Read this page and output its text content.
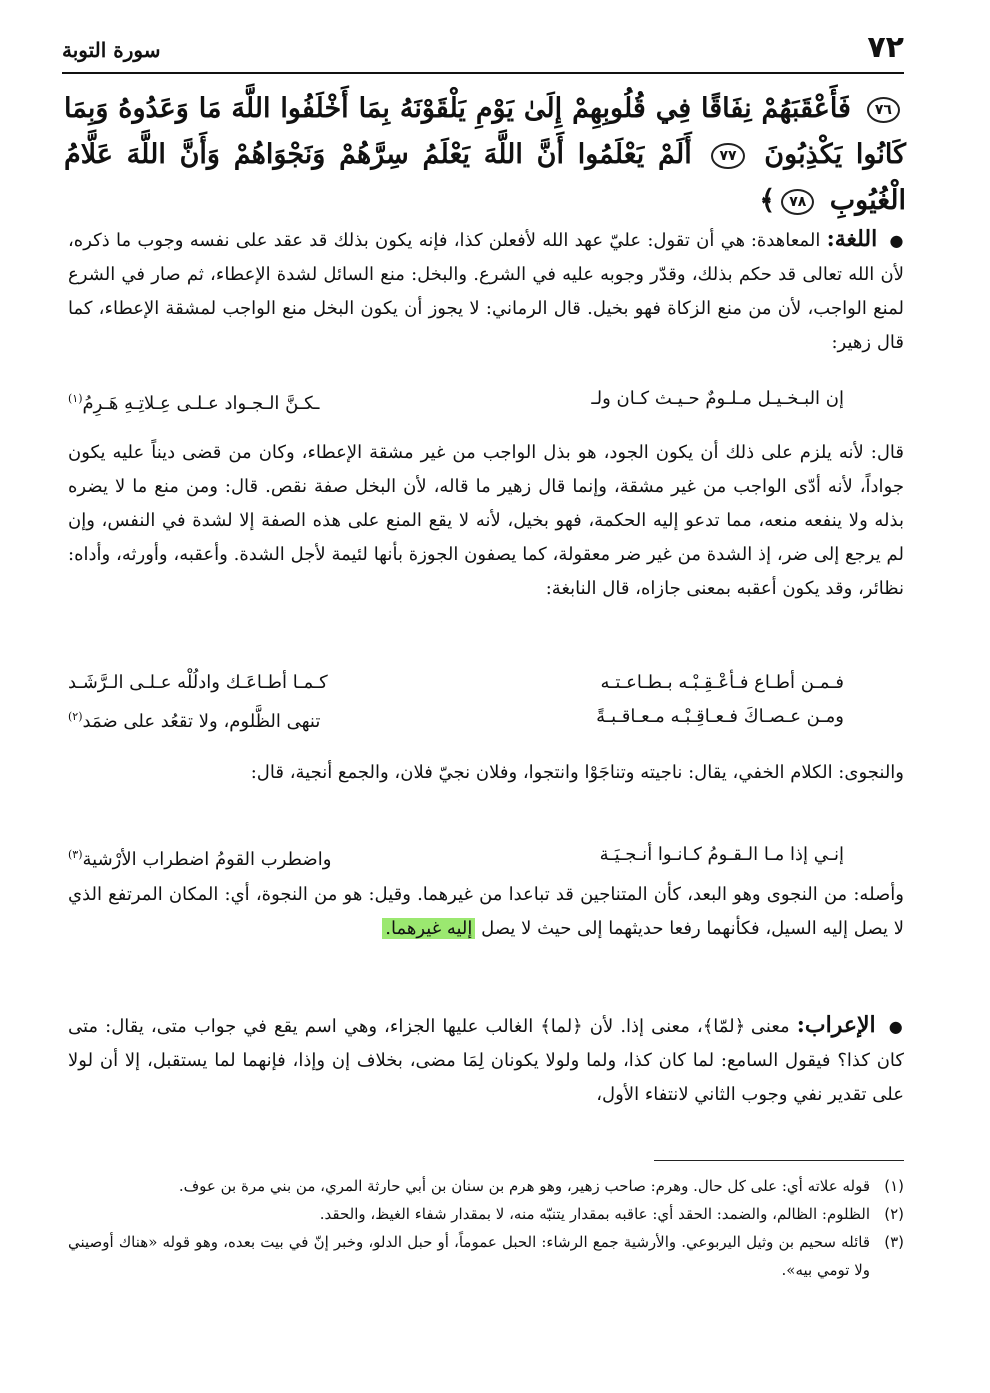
٧٢
سورة التوبة
٧٦ فَأَعْقَبَهُمْ نِفَاقًا فِي قُلُوبِهِمْ إِلَىٰ يَوْمِ يَلْقَوْنَهُ بِمَا أَخْلَفُوا اللَّهَ مَا وَعَدُوهُ وَبِمَا كَانُوا يَكْذِبُونَ ٧٧ أَلَمْ يَعْلَمُوا أَنَّ اللَّهَ يَعْلَمُ سِرَّهُمْ وَنَجْوَاهُمْ وَأَنَّ اللَّهَ عَلَّامُ الْغُيُوبِ ٧٨﴾
● اللغة: المعاهدة: هي أن تقول: عليّ عهد الله لأفعلن كذا، فإنه يكون بذلك قد عقد على نفسه وجوب ما ذكره، لأن الله تعالى قد حكم بذلك، وقدّر وجوبه عليه في الشرع. والبخل: منع السائل لشدة الإعطاء، ثم صار في الشرع لمنع الواجب، لأن من منع الزكاة فهو بخيل. قال الرماني: لا يجوز أن يكون البخل منع الواجب لمشقة الإعطاء، كما قال زهير:
إن البـخـيـل مـلـومٌ حـيـث كـان ولـ
ـكـنَّ الـجـواد عـلـى عِـلاتِـهِ هَـرِمُ$^{(١)}$
قال: لأنه يلزم على ذلك أن يكون الجود، هو بذل الواجب من غير مشقة الإعطاء، وكان من قضى ديناً عليه يكون جواداً، لأنه أدّى الواجب من غير مشقة، وإنما قال زهير ما قاله، لأن البخل صفة نقص. قال: ومن منع ما لا يضره بذله ولا ينفعه منعه، مما تدعو إليه الحكمة، فهو بخيل، لأنه لا يقع المنع على هذه الصفة إلا لشدة في النفس، وإن لم يرجع إلى ضر، إذ الشدة من غير ضر معقولة، كما يصفون الجوزة بأنها لئيمة لأجل الشدة. وأعقبه، وأورثه، وأداه: نظائر، وقد يكون أعقبه بمعنى جازاه، قال النابغة:
فـمـن أطـاع فـأعْـقِـبْـه بـطـاعـتـه
كـمـا أطـاعَـك وادلُلْه عـلـى الـرَّشَـد
ومـن عـصـاكَ فـعـاقِـبْـه مـعـاقـبـةً
تنهى الظَّلوم، ولا تقعُد على ضمَد$^{(٢)}$
والنجوى: الكلام الخفي، يقال: ناجيته وتناجَوْا وانتجوا، وفلان نجيّ فلان، والجمع أنجية، قال:
إنـي إذا مـا الـقـومُ كـانـوا أنـجـيَـة
واضطرب القومُ اضطراب الأرْشية$^{(٣)}$
وأصله: من النجوى وهو البعد، كأن المتناجين قد تباعدا من غيرهما. وقيل: هو من النجوة، أي: المكان المرتفع الذي لا يصل إليه السيل، فكأنهما رفعا حديثهما إلى حيث لا يصل إليه غيرهما.
● الإعراب: معنى ﴿لمّا﴾، معنى إذا. لأن ﴿لما﴾ الغالب عليها الجزاء، وهي اسم يقع في جواب متى، يقال: متى كان كذا؟ فيقول السامع: لما كان كذا، ولما ولولا يكونان لِمَا مضى، بخلاف إن وإذا، فإنهما لما يستقبل، إلا أن لولا على تقدير نفي وجوب الثاني لانتفاء الأول،
(١)
قوله علاته أي: على كل حال. وهرم: صاحب زهير، وهو هرم بن سنان بن أبي حارثة المري، من بني مرة بن عوف.
(٢)
الظلوم: الظالم، والضمد: الحقد أي: عاقبه بمقدار يتنبّه منه، لا بمقدار شفاء الغيظ، والحقد.
(٣)
قائله سحيم بن وثيل اليربوعي. والأرشية جمع الرشاء: الحبل عموماً، أو حبل الدلو، وخبر إنّ في بيت بعده، وهو قوله «هناك أوصيني ولا تومي بيه».
